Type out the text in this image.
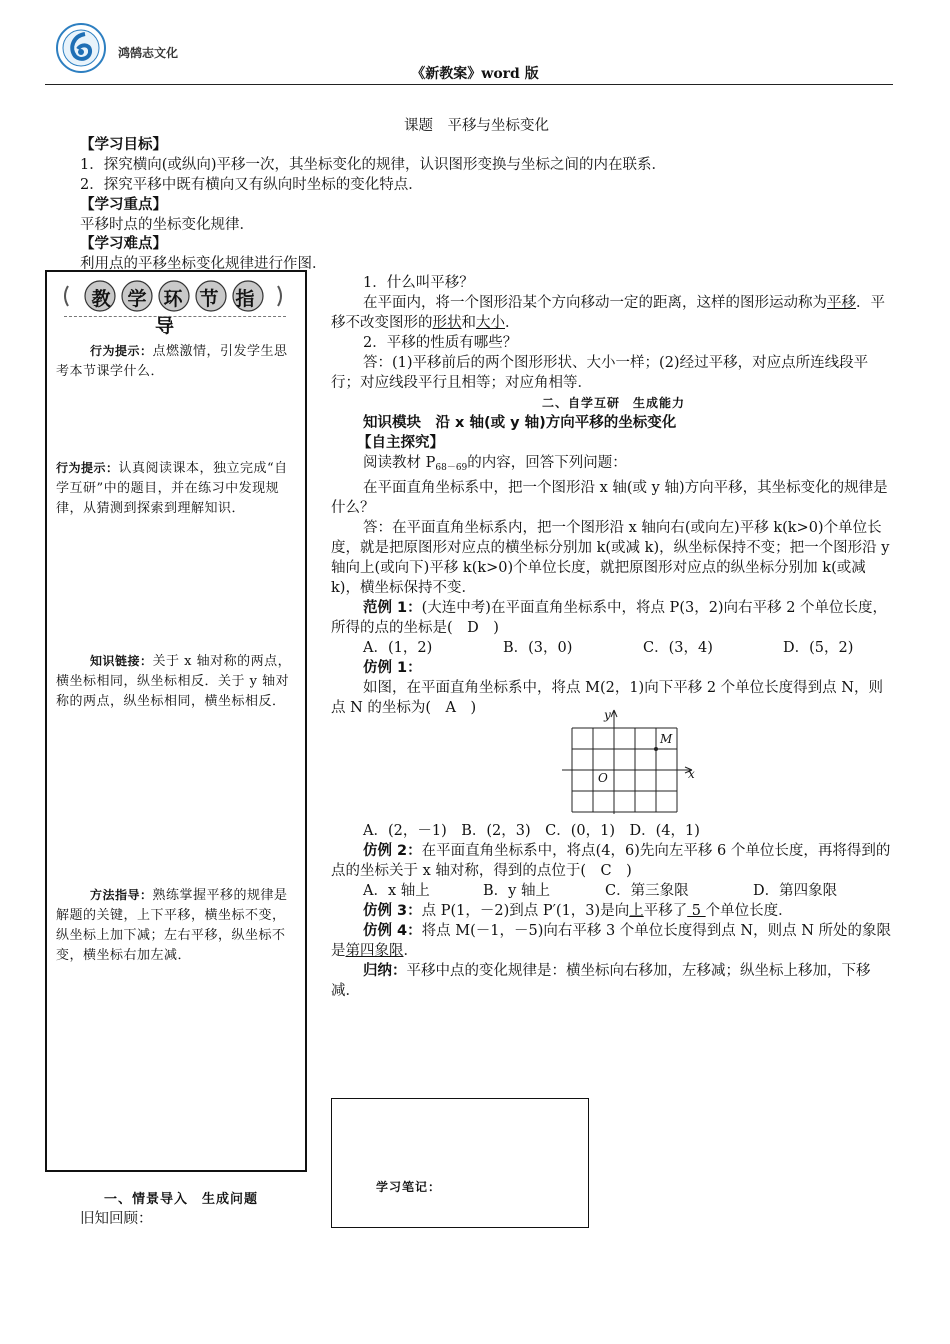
鸿鹄志文化
《新教案》word 版
课题　平移与坐标变化
【学习目标】
1．探究横向(或纵向)平移一次，其坐标变化的规律，认识图形变换与坐标之间的内在联系．
2．探究平移中既有横向又有纵向时坐标的变化特点．
【学习重点】
平移时点的坐标变化规律．
【学习难点】
利用点的平移坐标变化规律进行作图．
教学环节指导
行为提示：点燃激情，引发学生思考本节课学什么．
行为提示：认真阅读课本，独立完成“自学互研”中的题目，并在练习中发现规律，从猜测到探索到理解知识．
知识链接：关于 x 轴对称的两点，横坐标相同，纵坐标相反．关于 y 轴对称的两点，纵坐标相同，横坐标相反．
方法指导：熟练掌握平移的规律是解题的关键，上下平移，横坐标不变，纵坐标上加下减；左右平移，纵坐标不变，横坐标右加左减．
一、情景导入　生成问题
旧知回顾：
1．什么叫平移？
在平面内，将一个图形沿某个方向移动一定的距离，这样的图形运动称为平移．平移不改变图形的形状和大小．
2．平移的性质有哪些？
答：(1)平移前后的两个图形形状、大小一样；(2)经过平移，对应点所连线段平行；对应线段平行且相等；对应角相等．
二、自学互研　生成能力
知识模块　沿 x 轴(或 y 轴)方向平移的坐标变化
【自主探究】
阅读教材 $P_{68-69}$的内容，回答下列问题：
在平面直角坐标系中，把一个图形沿 x 轴(或 y 轴)方向平移，其坐标变化的规律是什么？
答：在平面直角坐标系内，把一个图形沿 x 轴向右(或向左)平移 k(k>0)个单位长度，就是把原图形对应点的横坐标分别加 k(或减 k)，纵坐标保持不变；把一个图形沿 y 轴向上(或向下)平移 k(k>0)个单位长度，就把原图形对应点的纵坐标分别加 k(或减 k)，横坐标保持不变．
范例 1：(大连中考)在平面直角坐标系中，将点 P(3，2)向右平移 2 个单位长度，所得的点的坐标是(　D　)
A．(1，2)	B．(3，0)	C．(3，4)	D．(5，2)
仿例 1：
如图，在平面直角坐标系中，将点 M(2，1)向下平移 2 个单位长度得到点 N，则点 N 的坐标为(　A　)	y
x
O
M
A．(2，－1)　B．(2，3)　C．(0，1)　D．(4，1)
仿例 2：在平面直角坐标系中，将点(4，6)先向左平移 6 个单位长度，再将得到的点的坐标关于 x 轴对称，得到的点位于(　C　)
A．x 轴上	B．y 轴上	C．第三象限	D．第四象限
仿例 3：点 P(1，－2)到点 P′(1，3)是向上平移了 5 个单位长度．
仿例 4：将点 M(－1，－5)向右平移 3 个单位长度得到点 N，则点 N 所处的象限是第四象限．
归纳：平移中点的变化规律是：横坐标向右移加，左移减；纵坐标上移加，下移减．
学习笔记：
